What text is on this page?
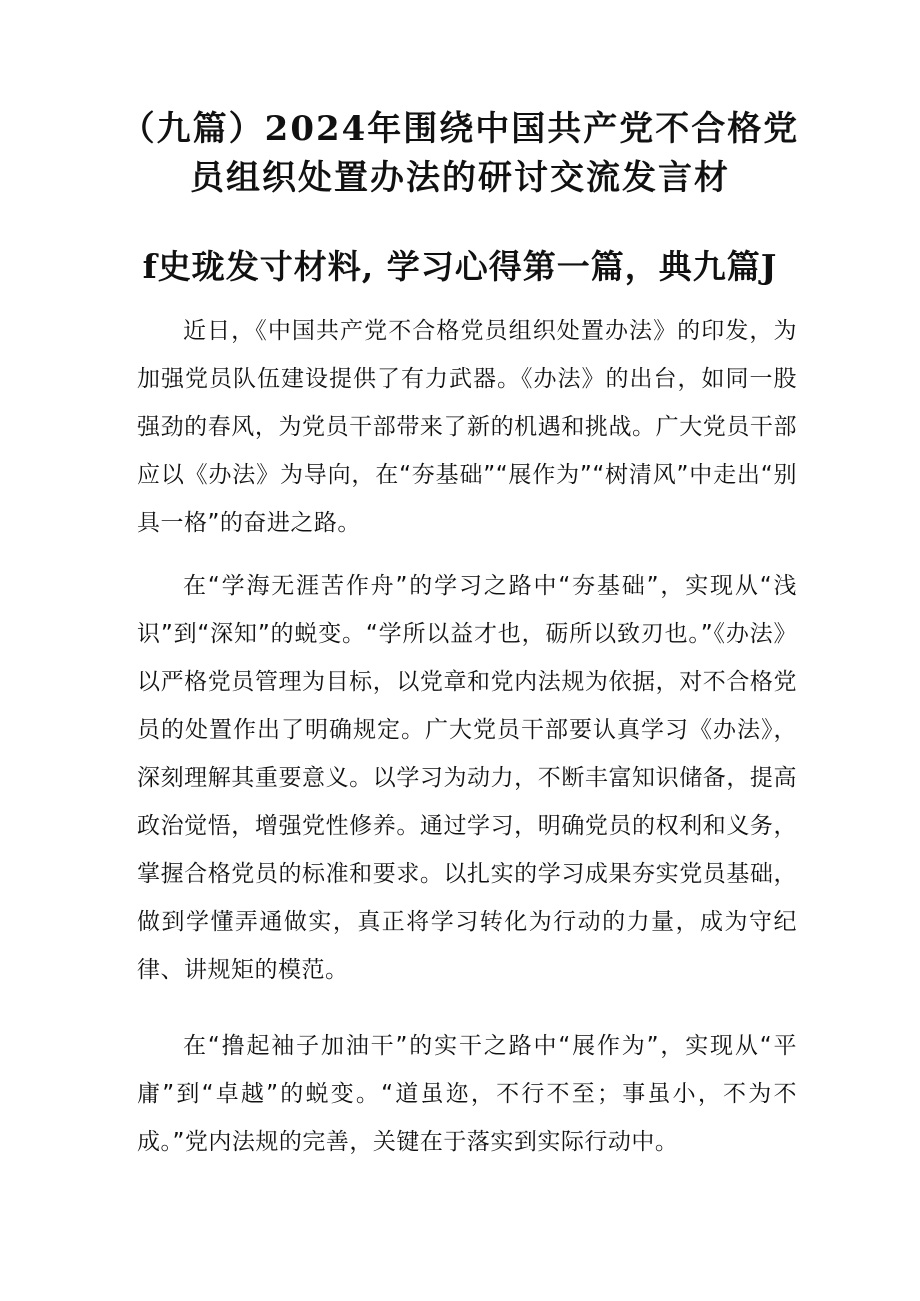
（九篇）2024年围绕中国共产党不合格党
员组织处置办法的研讨交流发言材
f史珑发寸材料, 学习心得第一篇，典九篇J

近日，《中国共产党不合格党员组织处置办法》的印发，为加强党员队伍建设提供了有力武器。《办法》的出台，如同一股强劲的春风，为党员干部带来了新的机遇和挑战。广大党员干部应以《办法》为导向，在“夯基础”“展作为”“树清风”中走出“别具一格”的奋进之路。

在“学海无涯苦作舟”的学习之路中“夯基础”，实现从“浅识”到“深知”的蜕变。“学所以益才也，砺所以致刃也。”《办法》以严格党员管理为目标，以党章和党内法规为依据，对不合格党员的处置作出了明确规定。广大党员干部要认真学习《办法》，深刻理解其重要意义。以学习为动力，不断丰富知识储备，提高政治觉悟，增强党性修养。通过学习，明确党员的权利和义务，掌握合格党员的标准和要求。以扎实的学习成果夯实党员基础，做到学懂弄通做实，真正将学习转化为行动的力量，成为守纪律、讲规矩的模范。

在“撸起袖子加油干”的实干之路中“展作为”，实现从“平庸”到“卓越”的蜕变。“道虽迩，不行不至；事虽小，不为不成。”党内法规的完善，关键在于落实到实际行动中。
